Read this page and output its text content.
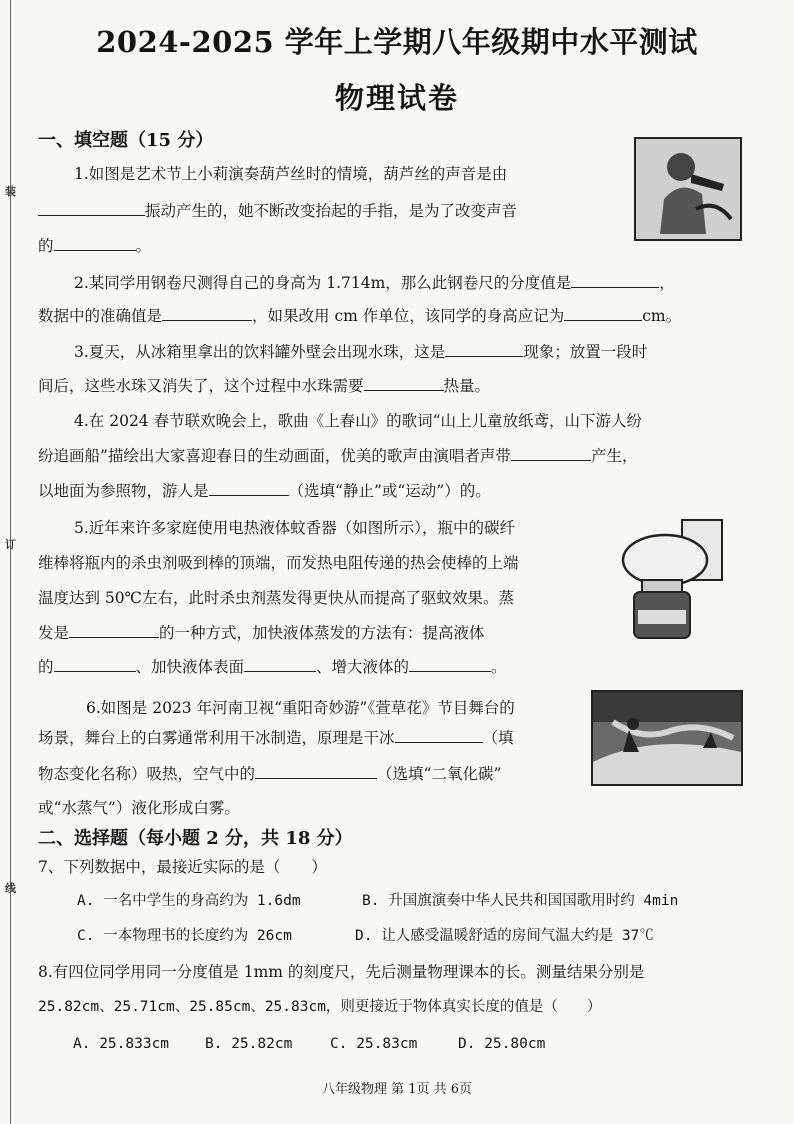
装
订
线
2024-2025 学年上学期八年级期中水平测试
物理试卷
一、填空题（15 分）
1.如图是艺术节上小莉演奏葫芦丝时的情境，葫芦丝的声音是由
振动产生的，她不断改变抬起的手指，是为了改变声音
的	。
2.某同学用钢卷尺测得自己的身高为 1.714m，那么此钢卷尺的分度值是	，
数据中的准确值是	，如果改用 cm 作单位，该同学的身高应记为	cm。
3.夏天，从冰箱里拿出的饮料罐外壁会出现水珠，这是	现象；放置一段时
间后，这些水珠又消失了，这个过程中水珠需要	热量。
4.在 2024 春节联欢晚会上，歌曲《上春山》的歌词“山上儿童放纸鸢，山下游人纷
纷追画船”描绘出大家喜迎春日的生动画面，优美的歌声由演唱者声带	产生，
以地面为参照物，游人是	（选填“静止”或“运动”）的。
5.近年来许多家庭使用电热液体蚊香器（如图所示），瓶中的碳纤
维棒将瓶内的杀虫剂吸到棒的顶端，而发热电阻传递的热会使棒的上端
温度达到 50℃左右，此时杀虫剂蒸发得更快从而提高了驱蚊效果。蒸
发是	的一种方式，加快液体蒸发的方法有：提高液体
的	、加快液体表面	、增大液体的	。
6.如图是 2023 年河南卫视“重阳奇妙游”《萱草花》节目舞台的
场景，舞台上的白雾通常利用干冰制造，原理是干冰	（填
物态变化名称）吸热，空气中的	（选填“二氧化碳”
或“水蒸气”）液化形成白雾。
二、选择题（每小题 2 分，共 18 分）
7、下列数据中，最接近实际的是（　　）
A. 一名中学生的身高约为 1.6dm	B. 升国旗演奏中华人民共和国国歌用时约 4min
C. 一本物理书的长度约为 26cm	D. 让人感受温暖舒适的房间气温大约是 37℃
8.有四位同学用同一分度值是 1mm 的刻度尺，先后测量物理课本的长。测量结果分别是
25.82cm、25.71cm、25.85cm、25.83cm，则更接近于物体真实长度的值是（　　）
A. 25.833cm B. 25.82cm	C. 25.83cm	D. 25.80cm
八年级物理 第 1页 共 6页
